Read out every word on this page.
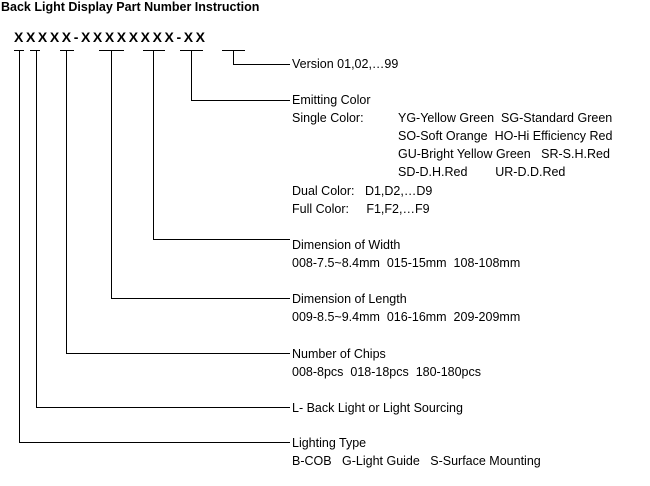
Back Light Display Part Number Instruction
XXXXX-XXXXXXXX-XX
Version 01,02,…99
Emitting Color
Single Color:	YG-Yellow Green  SG-Standard Green
SO-Soft Orange  HO-Hi Efficiency Red
GU-Bright Yellow Green   SR-S.H.Red
SD-D.H.Red        UR-D.D.Red
Dual Color:   D1,D2,…D9
Full Color:     F1,F2,…F9
Dimension of Width
008-7.5~8.4mm  015-15mm  108-108mm
Dimension of Length
009-8.5~9.4mm  016-16mm  209-209mm
Number of Chips
008-8pcs  018-18pcs  180-180pcs
L- Back Light or Light Sourcing
Lighting Type
B-COB   G-Light Guide   S-Surface Mounting
